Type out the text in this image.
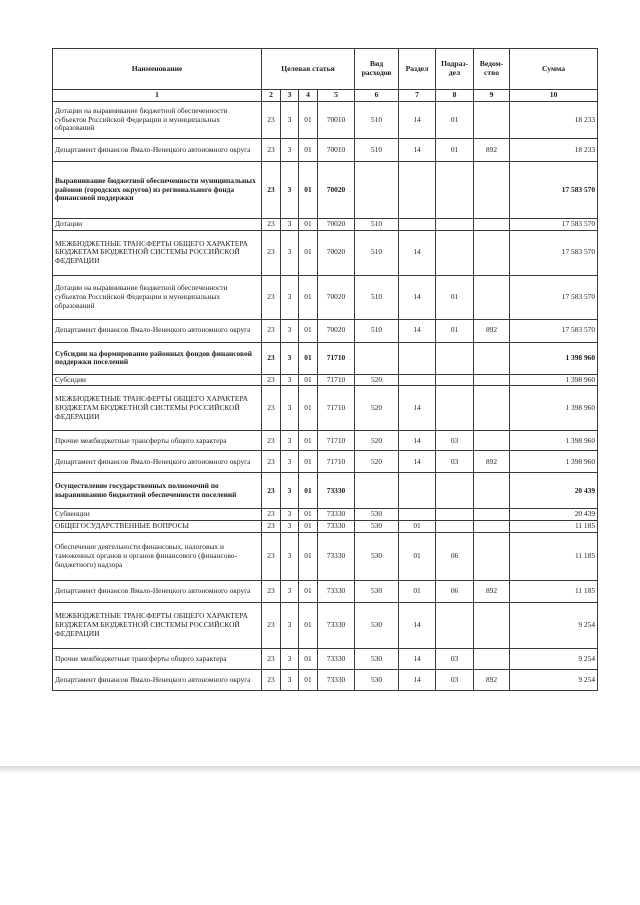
Наименование	Целевая статья				Вид расходов	Раздел	Подраз-дел	Ведом-ство	Сумма
1	2	3	4	5	6	7	8	9	10
Дотации на выравнивание бюджетной обеспеченности субъектов Российской Федерации и муниципальных образований	23	3	01	70010	510	14	01		18 233
Департамент финансов Ямало-Ненецкого автономного округа	23	3	01	70010	510	14	01	892	18 233
Выравнивание бюджетной обеспеченности муниципальных районов (городских округов) из регионального фонда финансовой поддержки	23	3	01	70020					17 583 570
Дотации	23	3	01	70020	510				17 583 570
МЕЖБЮДЖЕТНЫЕ ТРАНСФЕРТЫ ОБЩЕГО ХАРАКТЕРА БЮДЖЕТАМ БЮДЖЕТНОЙ СИСТЕМЫ РОССИЙСКОЙ ФЕДЕРАЦИИ	23	3	01	70020	510	14			17 583 570
Дотации на выравнивание бюджетной обеспеченности субъектов Российской Федерации и муниципальных образований	23	3	01	70020	510	14	01		17 583 570
Департамент финансов Ямало-Ненецкого автономного округа	23	3	01	70020	510	14	01	892	17 583 570
Субсидии на формирование районных фондов финансовой поддержки поселений	23	3	01	71710					1 398 960
Субсидии	23	3	01	71710	520				1 398 960
МЕЖБЮДЖЕТНЫЕ ТРАНСФЕРТЫ ОБЩЕГО ХАРАКТЕРА БЮДЖЕТАМ БЮДЖЕТНОЙ СИСТЕМЫ РОССИЙСКОЙ ФЕДЕРАЦИИ	23	3	01	71710	520	14			1 398 960
Прочие межбюджетные трансферты общего характера	23	3	01	71710	520	14	03		1 398 960
Департамент финансов Ямало-Ненецкого автономного округа	23	3	01	71710	520	14	03	892	1 398 960
Осуществление государственных полномочий по выравниванию бюджетной обеспеченности поселений	23	3	01	73330					20 439
Субвенции	23	3	01	73330	530				20 439
ОБЩЕГОСУДАРСТВЕННЫЕ ВОПРОСЫ	23	3	01	73330	530	01			11 185
Обеспечение деятельности финансовых, налоговых и таможенных органов и органов финансового (финансово-бюджетного) надзора	23	3	01	73330	530	01	06		11 185
Департамент финансов Ямало-Ненецкого автономного округа	23	3	01	73330	530	01	06	892	11 185
МЕЖБЮДЖЕТНЫЕ ТРАНСФЕРТЫ ОБЩЕГО ХАРАКТЕРА БЮДЖЕТАМ БЮДЖЕТНОЙ СИСТЕМЫ РОССИЙСКОЙ ФЕДЕРАЦИИ	23	3	01	73330	530	14			9 254
Прочие межбюджетные трансферты общего характера	23	3	01	73330	530	14	03		9 254
Департамент финансов Ямало-Ненецкого автономного округа	23	3	01	73330	530	14	03	892	9 254
